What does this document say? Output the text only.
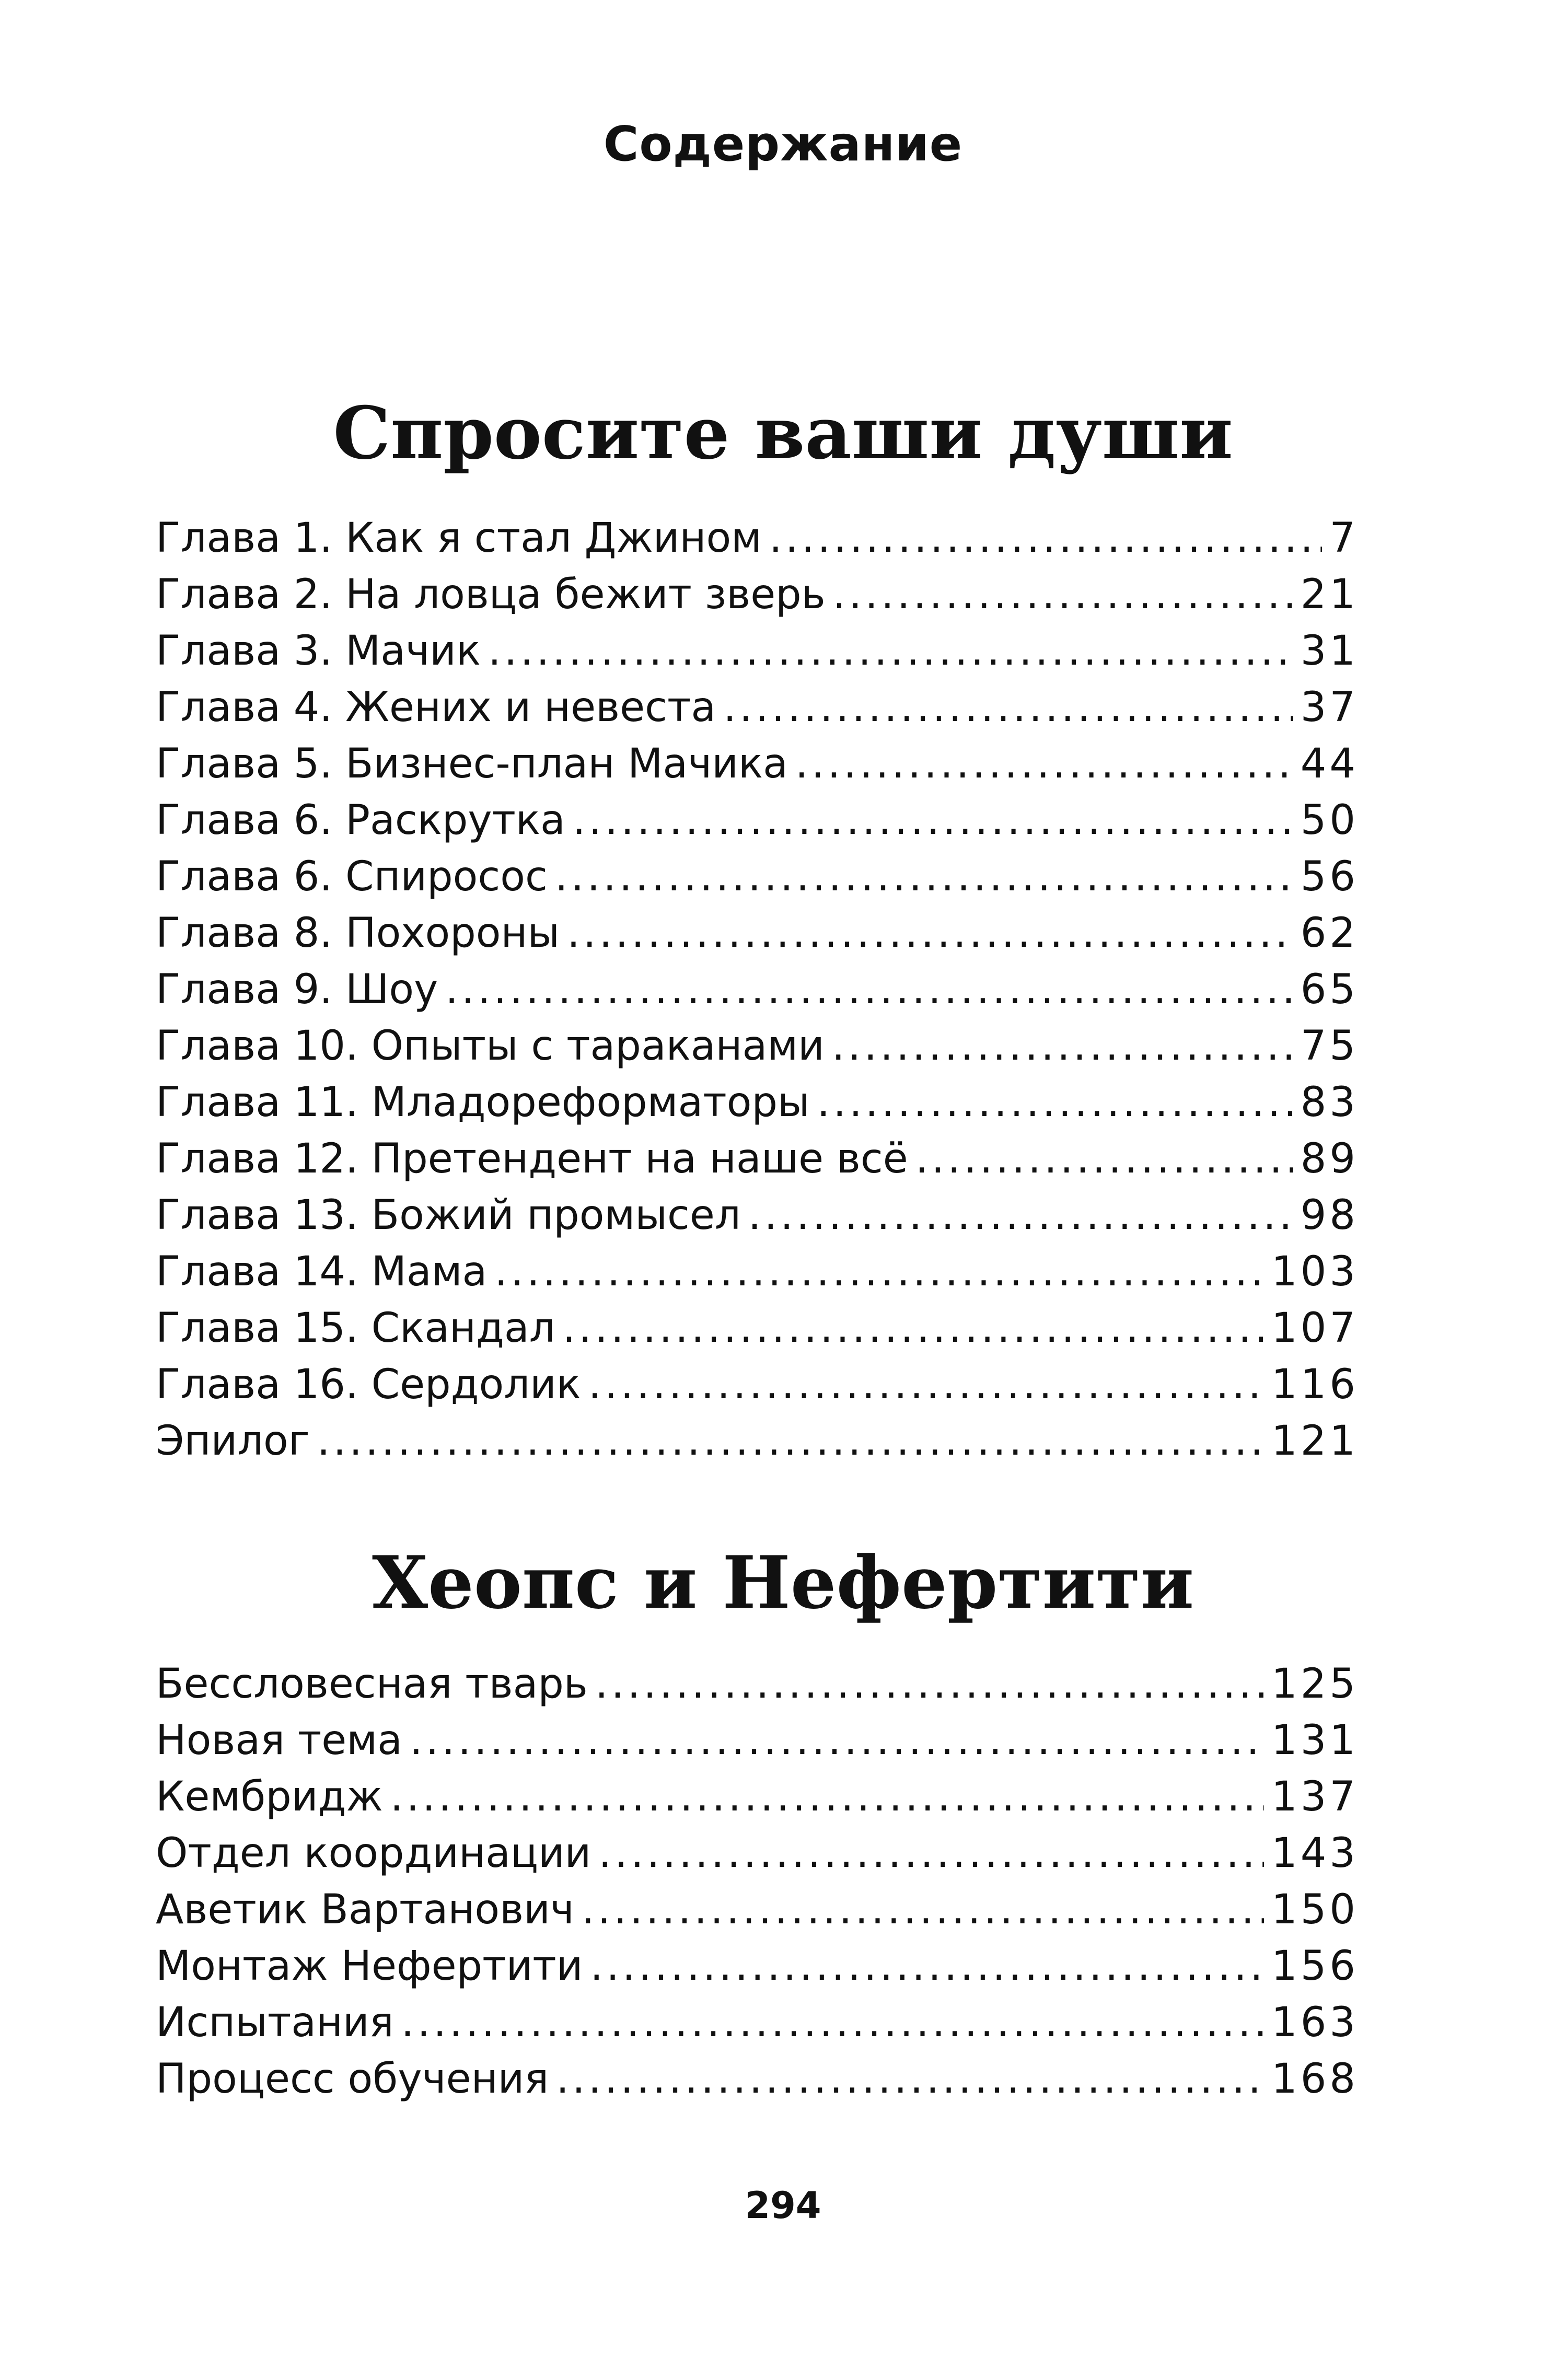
Содержание
Спросите ваши души
Глава 1. Как я стал Джином .....	7
Глава 2. На ловца бежит зверь .....	21
Глава 3. Мачик .....	31
Глава 4. Жених и невеста .....	37
Глава 5. Бизнес-план Мачика .....	44
Глава 6. Раскрутка .....	50
Глава 6. Спиросос .....	56
Глава 8. Похороны .....	62
Глава 9. Шоу .....	65
Глава 10. Опыты с тараканами .....	75
Глава 11. Младореформаторы .....	83
Глава 12. Претендент на наше всё .....	89
Глава 13. Божий промысел .....	98
Глава 14. Мама .....	103
Глава 15. Скандал .....	107
Глава 16. Сердолик .....	116
Эпилог .....	121
Хеопс и Нефертити
Бессловесная тварь .....	125
Новая тема .....	131
Кембридж .....	137
Отдел координации .....	143
Аветик Вартанович .....	150
Монтаж Нефертити .....	156
Испытания .....	163
Процесс обучения .....	168
294
